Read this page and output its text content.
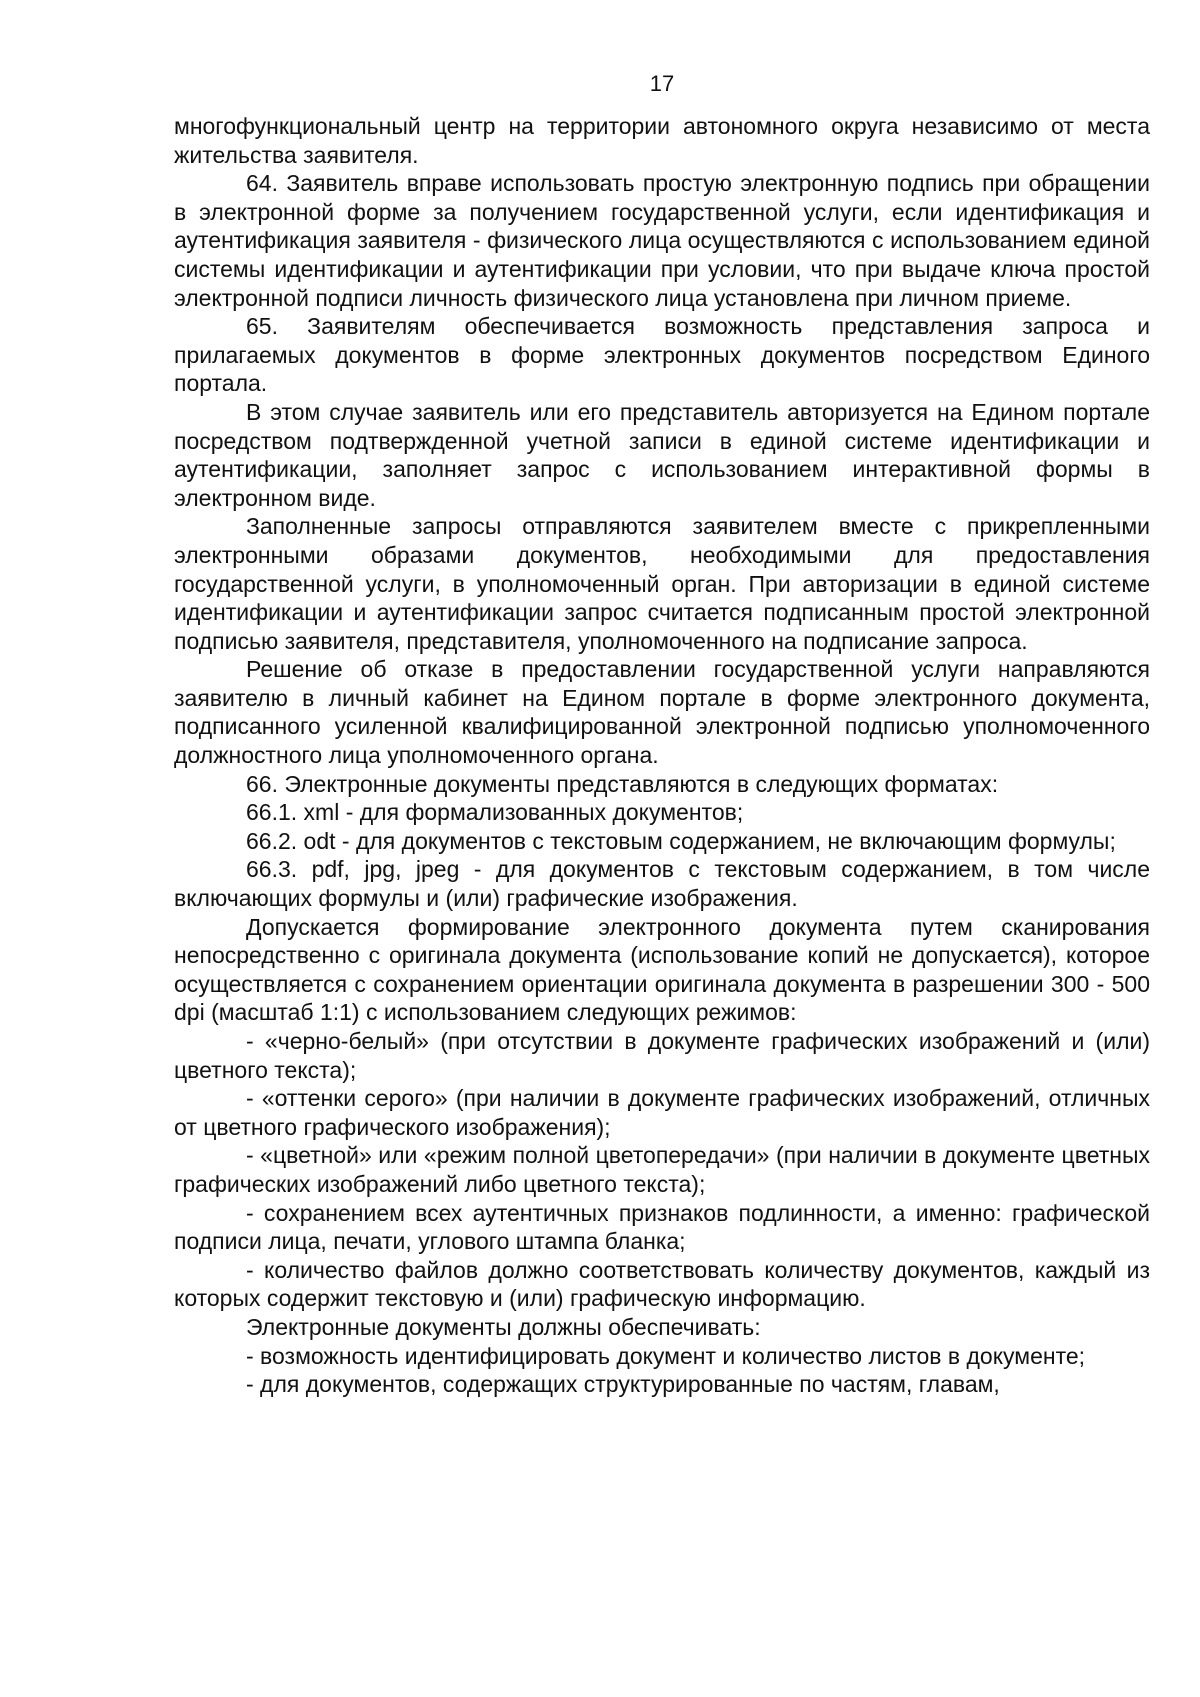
17

многофункциональный центр на территории автономного округа независимо от места жительства заявителя.

64. Заявитель вправе использовать простую электронную подпись при обращении в электронной форме за получением государственной услуги, если идентификация и аутентификация заявителя - физического лица осуществляются с использованием единой системы идентификации и аутентификации при условии, что при выдаче ключа простой электронной подписи личность физического лица установлена при личном приеме.

65. Заявителям обеспечивается возможность представления запроса и прилагаемых документов в форме электронных документов посредством Единого портала.

В этом случае заявитель или его представитель авторизуется на Едином портале посредством подтвержденной учетной записи в единой системе идентификации и аутентификации, заполняет запрос с использованием интерактивной формы в электронном виде.

Заполненные запросы отправляются заявителем вместе с прикрепленными электронными образами документов, необходимыми для предоставления государственной услуги, в уполномоченный орган. При авторизации в единой системе идентификации и аутентификации запрос считается подписанным простой электронной подписью заявителя, представителя, уполномоченного на подписание запроса.

Решение об отказе в предоставлении государственной услуги направляются заявителю в личный кабинет на Едином портале в форме электронного документа, подписанного усиленной квалифицированной электронной подписью уполномоченного должностного лица уполномоченного органа.

66. Электронные документы представляются в следующих форматах:

66.1. xml - для формализованных документов;

66.2. odt - для документов с текстовым содержанием, не включающим формулы;

66.3. pdf, jpg, jpeg - для документов с текстовым содержанием, в том числе включающих формулы и (или) графические изображения.

Допускается формирование электронного документа путем сканирования непосредственно с оригинала документа (использование копий не допускается), которое осуществляется с сохранением ориентации оригинала документа в разрешении 300 - 500 dpi (масштаб 1:1) с использованием следующих режимов:

- «черно-белый» (при отсутствии в документе графических изображений и (или) цветного текста);

- «оттенки серого» (при наличии в документе графических изображений, отличных от цветного графического изображения);

- «цветной» или «режим полной цветопередачи» (при наличии в документе цветных графических изображений либо цветного текста);

- сохранением всех аутентичных признаков подлинности, а именно: графической подписи лица, печати, углового штампа бланка;

- количество файлов должно соответствовать количеству документов, каждый из которых содержит текстовую и (или) графическую информацию.

Электронные документы должны обеспечивать:

- возможность идентифицировать документ и количество листов в документе;

- для документов, содержащих структурированные по частям, главам,
